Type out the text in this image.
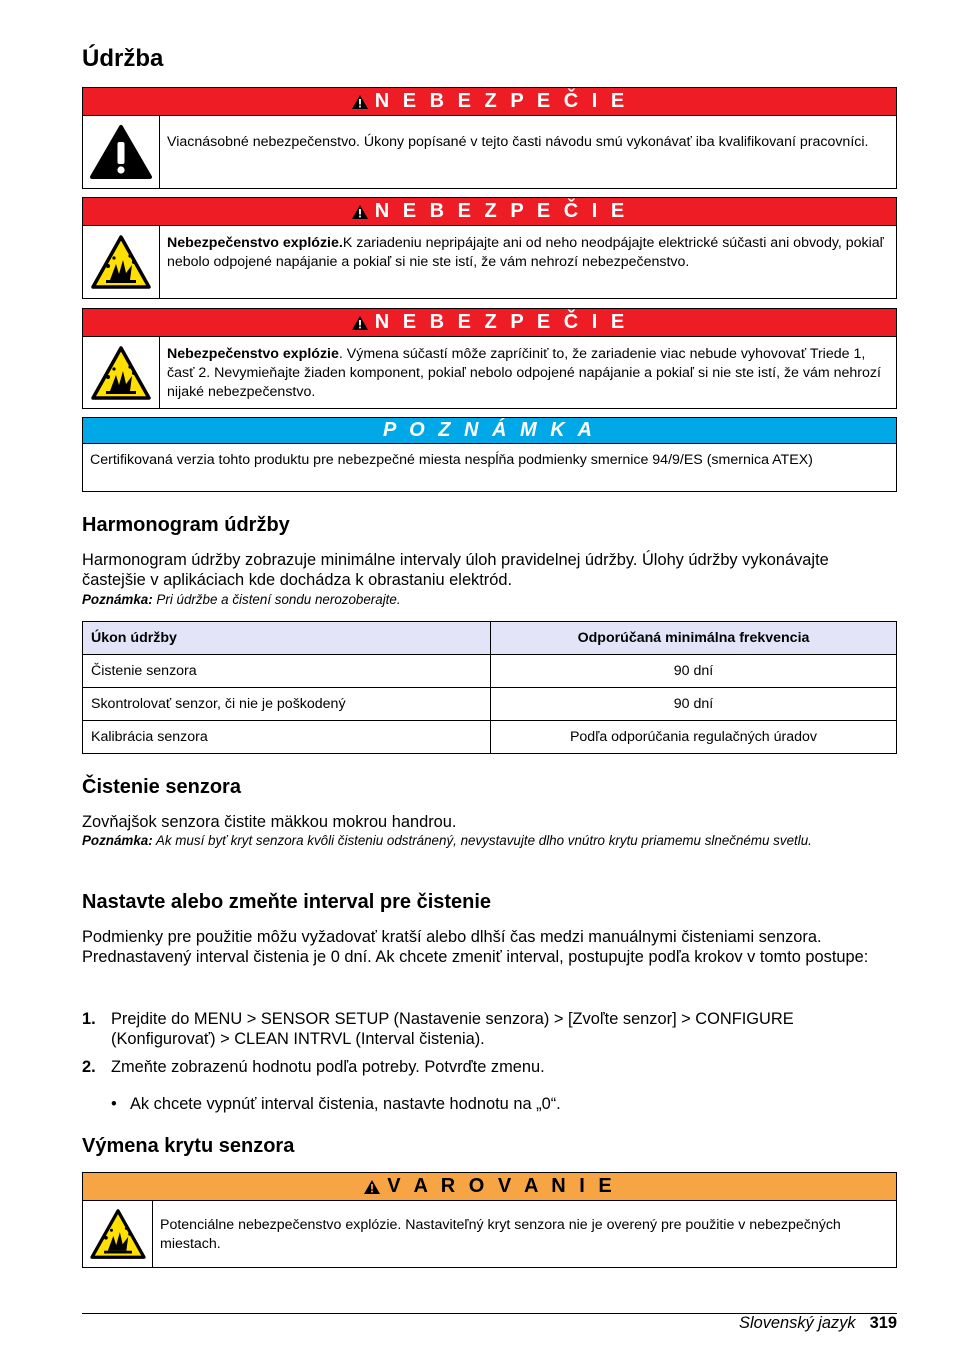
Údržba
N E B E Z P E Č I E
Viacnásobné nebezpečenstvo. Úkony popísané v tejto časti návodu smú vykonávať iba kvalifikovaní pracovníci.
N E B E Z P E Č I E
Nebezpečenstvo explózie.K zariadeniu nepripájajte ani od neho neodpájajte elektrické súčasti ani obvody, pokiaľ nebolo odpojené napájanie a pokiaľ si nie ste istí, že vám nehrozí nebezpečenstvo.
N E B E Z P E Č I E
Nebezpečenstvo explózie. Výmena súčastí môže zapríčiniť to, že zariadenie viac nebude vyhovovať Triede 1, časť 2. Nevymieňajte žiaden komponent, pokiaľ nebolo odpojené napájanie a pokiaľ si nie ste istí, že vám nehrozí nijaké nebezpečenstvo.
P O Z N Á M K A
Certifikovaná verzia tohto produktu pre nebezpečné miesta nespĺňa podmienky smernice 94/9/ES (smernica ATEX)
Harmonogram údržby

Harmonogram údržby zobrazuje minimálne intervaly úloh pravidelnej údržby. Úlohy údržby vykonávajte častejšie v aplikáciach kde dochádza k obrastaniu elektród.

Poznámka: Pri údržbe a čistení sondu nerozoberajte.

Úkon údržby	Odporúčaná minimálna frekvencia
Čistenie senzora	90 dní
Skontrolovať senzor, či nie je poškodený	90 dní
Kalibrácia senzora	Podľa odporúčania regulačných úradov
Čistenie senzora

Zovňajšok senzora čistite mäkkou mokrou handrou.

Poznámka: Ak musí byť kryt senzora kvôli čisteniu odstránený, nevystavujte dlho vnútro krytu priamemu slnečnému svetlu.

Nastavte alebo zmeňte interval pre čistenie

Podmienky pre použitie môžu vyžadovať kratší alebo dlhší čas medzi manuálnymi čisteniami senzora. Prednastavený interval čistenia je 0 dní. Ak chcete zmeniť interval, postupujte podľa krokov v tomto postupe:

1. Prejdite do MENU > SENSOR SETUP (Nastavenie senzora) > [Zvoľte senzor] > CONFIGURE (Konfigurovať) > CLEAN INTRVL (Interval čistenia).
2. Zmeňte zobrazenú hodnotu podľa potreby. Potvrďte zmenu.
• Ak chcete vypnúť interval čistenia, nastavte hodnotu na „0“.
Výmena krytu senzora
V A R O V A N I E
Potenciálne nebezpečenstvo explózie. Nastaviteľný kryt senzora nie je overený pre použitie v nebezpečných miestach.
Slovenský jazyk 319
